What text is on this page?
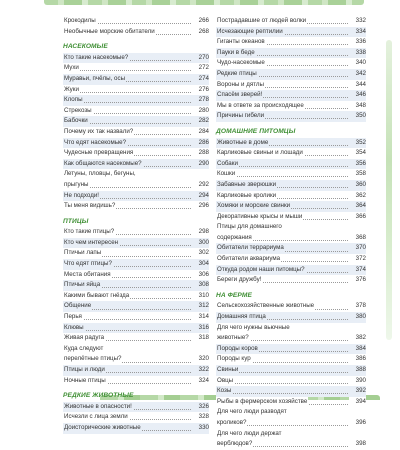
Крокодилы	266
Необычные морские обитатели	268
НАСЕКОМЫЕ
Кто такие насекомые?	270
Мухи	272
Муравьи, пчёлы, осы	274
Жуки	276
Клопы	278
Стрекозы	280
Бабочки	282
Почему их так назвали?	284
Что едят насекомые?	286
Чудесные превращения	288
Как общаются насекомые?	290
Летуны, пловцы, бегуны,
прыгуны	292
Не подходи!	294
Ты меня видишь?	296
ПТИЦЫ
Кто такие птицы?	298
Кто чем интересен	300
Птичьи лапы	302
Что едят птицы?	304
Места обитания	306
Птичьи яйца	308
Какими бывают гнёзда	310
Общение	312
Перья	314
Клювы	316
Живая радуга	318
Куда следуют
перелётные птицы?	320
Птицы и люди	322
Ночные птицы	324
РЕДКИЕ ЖИВОТНЫЕ
Животные в опасности!	326
Исчезли с лица земли	328
Доисторические животные	330
Пострадавшие от людей волки	332
Исчезающие рептилии	334
Гиганты океанов	336
Пауки в беде	338
Чудо-насекомые	340
Редкие птицы	342
Вороны и дятлы	344
Спасём зверей!	346
Мы в ответе за происходящее	348
Причины гибели	350
ДОМАШНИЕ ПИТОМЦЫ
Животные в доме	352
Карликовые свиньи и лошади	354
Собаки	356
Кошки	358
Забавные зверюшки	360
Карликовые кролики	362
Хомяки и морские свинки	364
Декоративные крысы и мыши	366
Птицы для домашнего
содержания	368
Обитатели террариума	370
Обитатели аквариума	372
Откуда родом наши питомцы?	374
Береги дружбу!	376
НА ФЕРМЕ
Сельскохозяйственные животные	378
Домашняя птица	380
Для чего нужны вьючные
животные?	382
Породы коров	384
Породы кур	386
Свиньи	388
Овцы	390
Козы	392
Рыбы в фермерском хозяйстве	394
Для чего люди разводят
кроликов?	396
Для чего люди держат
верблюдов?	398
